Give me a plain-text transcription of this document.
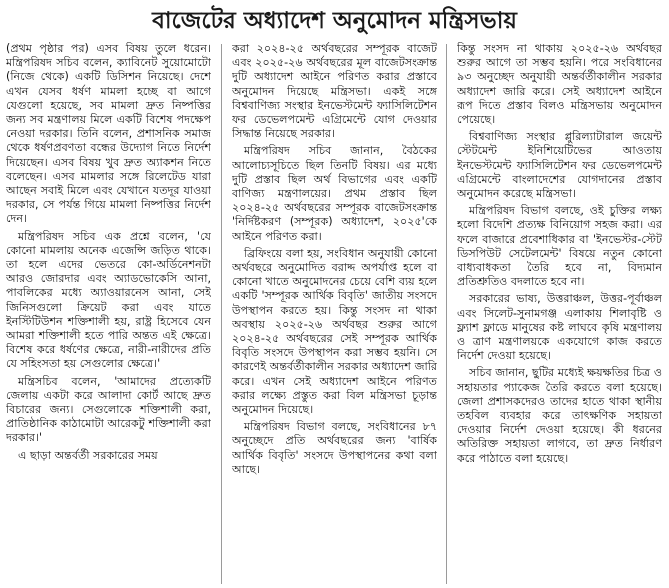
বাজেটের অধ্যাদেশ অনুমোদন মন্ত্রিসভায়

(প্রথম পৃষ্ঠার পর) এসব বিষয় তুলে ধরেন। মন্ত্রিপরিষদ সচিব বলেন, ক্যাবিনেট সুয়োমোটো (নিজে থেকে) একটি ডিসিশন নিয়েছে। দেশে এখন যেসব ধর্ষণ মামলা হচ্ছে বা আগে যেগুলো হয়েছে, সব মামলা দ্রুত নিষ্পত্তির জন্য সব মন্ত্রণালয় মিলে একটি বিশেষ পদক্ষেপ নেওয়া দরকার। তিনি বলেন, প্রশাসনিক সমাজ থেকে ধর্ষণপ্রবণতা বন্ধের উদ্যোগ নিতে নির্দেশ দিয়েছেন। এসব বিষয় খুব দ্রুত অ্যাকশন নিতে বলেছেন। এসব মামলার সঙ্গে রিলেটেড যারা আছেন সবাই মিলে এবং যেখানে যতদূর যাওয়া দরকার, সে পর্যন্ত গিয়ে মামলা নিষ্পত্তির নির্দেশ দেন।

মন্ত্রিপরিষদ সচিব এক প্রশ্নে বলেন, 'যে কোনো মামলায় অনেক এজেন্সি জড়িত থাকে। তা হলে এদের ভেতরে কো-অর্ডিনেশনটা আরও জোরদার এবং অ্যাডভোকেসি আনা, পাবলিকের মধ্যে অ্যাওয়ারনেস আনা, সেই জিনিসগুলো ক্রিয়েট করা এবং যাতে ইনস্টিটিউশন শক্তিশালী হয়, রাষ্ট্র হিসেবে যেন আমরা শক্তিশালী হতে পারি অন্তত এই ক্ষেত্রে। বিশেষ করে ধর্ষণের ক্ষেত্রে, নারী-নারীদের প্রতি যে সহিংসতা হয় সেগুলোর ক্ষেত্রে।'

মন্ত্রিসচিব বলেন, 'আমাদের প্রত্যেকটি জেলায় একটা করে আলাদা কোর্ট আছে দ্রুত বিচারের জন্য। সেগুলোকে শক্তিশালী করা, প্রাতিষ্ঠানিক কাঠামোটা আরেকটু শক্তিশালী করা দরকার।'

এ ছাড়া অন্তর্বর্তী সরকারের সময়

করা ২০২৪-২৫ অর্থবছরের সম্পূরক বাজেট এবং ২০২৫-২৬ অর্থবছরের মূল বাজেটসংক্রান্ত দুটি অধ্যাদেশ আইনে পরিণত করার প্রস্তাবে অনুমোদন দিয়েছে মন্ত্রিসভা। একই সঙ্গে বিশ্ববাণিজ্য সংস্থার ইনভেস্টমেন্ট ফ্যাসিলিটেশন ফর ডেভেলপমেন্ট এগ্রিমেন্টে যোগ দেওয়ার সিদ্ধান্ত নিয়েছে সরকার।

মন্ত্রিপরিষদ সচিব জানান, বৈঠকের আলোচ্যসূচিতে ছিল তিনটি বিষয়। এর মধ্যে দুটি প্রস্তাব ছিল অর্থ বিভাগের এবং একটি বাণিজ্য মন্ত্রণালয়ের। প্রথম প্রস্তাব ছিল ২০২৪-২৫ অর্থবছরের সম্পূরক বাজেটসংক্রান্ত 'নির্দিষ্টকরণ (সম্পূরক) অধ্যাদেশ, ২০২৫'কে আইনে পরিণত করা।

ব্রিফিংয়ে বলা হয়, সংবিধান অনুযায়ী কোনো অর্থবছরে অনুমোদিত বরাদ্দ অপর্যাপ্ত হলে বা কোনো খাতে অনুমোদনের চেয়ে বেশি ব্যয় হলে একটি 'সম্পূরক আর্থিক বিবৃতি' জাতীয় সংসদে উপস্থাপন করতে হয়। কিন্তু সংসদ না থাকা অবস্থায় ২০২৫-২৬ অর্থবছর শুরুর আগে ২০২৪-২৫ অর্থবছরের সেই সম্পূরক আর্থিক বিবৃতি সংসদে উপস্থাপন করা সম্ভব হয়নি। সে কারণেই অন্তর্বর্তীকালীন সরকার অধ্যাদেশ জারি করে। এখন সেই অধ্যাদেশ আইনে পরিণত করার লক্ষ্যে প্রস্তুত করা বিল মন্ত্রিসভা চূড়ান্ত অনুমোদন দিয়েছে।

মন্ত্রিপরিষদ বিভাগ বলছে, সংবিধানের ৮৭ অনুচ্ছেদে প্রতি অর্থবছরের জন্য 'বার্ষিক আর্থিক বিবৃতি' সংসদে উপস্থাপনের কথা বলা আছে।

কিন্তু সংসদ না থাকায় ২০২৫-২৬ অর্থবছর শুরুর আগে তা সম্ভব হয়নি। পরে সংবিধানের ৯৩ অনুচ্ছেদ অনুযায়ী অন্তর্বর্তীকালীন সরকার অধ্যাদেশ জারি করে। সেই অধ্যাদেশ আইনে রূপ দিতে প্রস্তাব বিলও মন্ত্রিসভায় অনুমোদন পেয়েছে।

বিশ্ববাণিজ্য সংস্থার প্লুরিল্যাটারাল জয়েন্ট স্টেটমেন্ট ইনিশিয়েটিভের আওতায় ইনভেস্টমেন্ট ফ্যাসিলিটেশন ফর ডেভেলপমেন্ট এগ্রিমেন্টে বাংলাদেশের যোগদানের প্রস্তাব অনুমোদন করেছে মন্ত্রিসভা।

মন্ত্রিপরিষদ বিভাগ বলছে, ওই চুক্তির লক্ষ্য হলো বিদেশি প্রত্যক্ষ বিনিয়োগ সহজ করা। এর ফলে বাজারে প্রবেশাধিকার বা 'ইনভেস্টর-স্টেট ডিসপিউট সেটেলমেন্ট' বিষয়ে নতুন কোনো বাধ্যবাধকতা তৈরি হবে না, বিদ্যমান প্রতিশ্রুতিও বদলাতে হবে না।

সরকারের ভাষ্য, উত্তরাঞ্চল, উত্তর-পূর্বাঞ্চল এবং সিলেট-সুনামগঞ্জ এলাকায় শিলাবৃষ্টি ও ফ্ল্যাশ ফ্লাডে মানুষের কষ্ট লাঘবে কৃষি মন্ত্রণালয় ও ত্রাণ মন্ত্রণালয়কে একযোগে কাজ করতে নির্দেশ দেওয়া হয়েছে।

সচিব জানান, ছুটির মধ্যেই ক্ষয়ক্ষতির চিত্র ও সহায়তার প্যাকেজ তৈরি করতে বলা হয়েছে। জেলা প্রশাসকদেরও তাদের হাতে থাকা স্থানীয় তহবিল ব্যবহার করে তাৎক্ষণিক সহায়তা দেওয়ার নির্দেশ দেওয়া হয়েছে। কী ধরনের অতিরিক্ত সহায়তা লাগবে, তা দ্রুত নির্ধারণ করে পাঠাতে বলা হয়েছে।
